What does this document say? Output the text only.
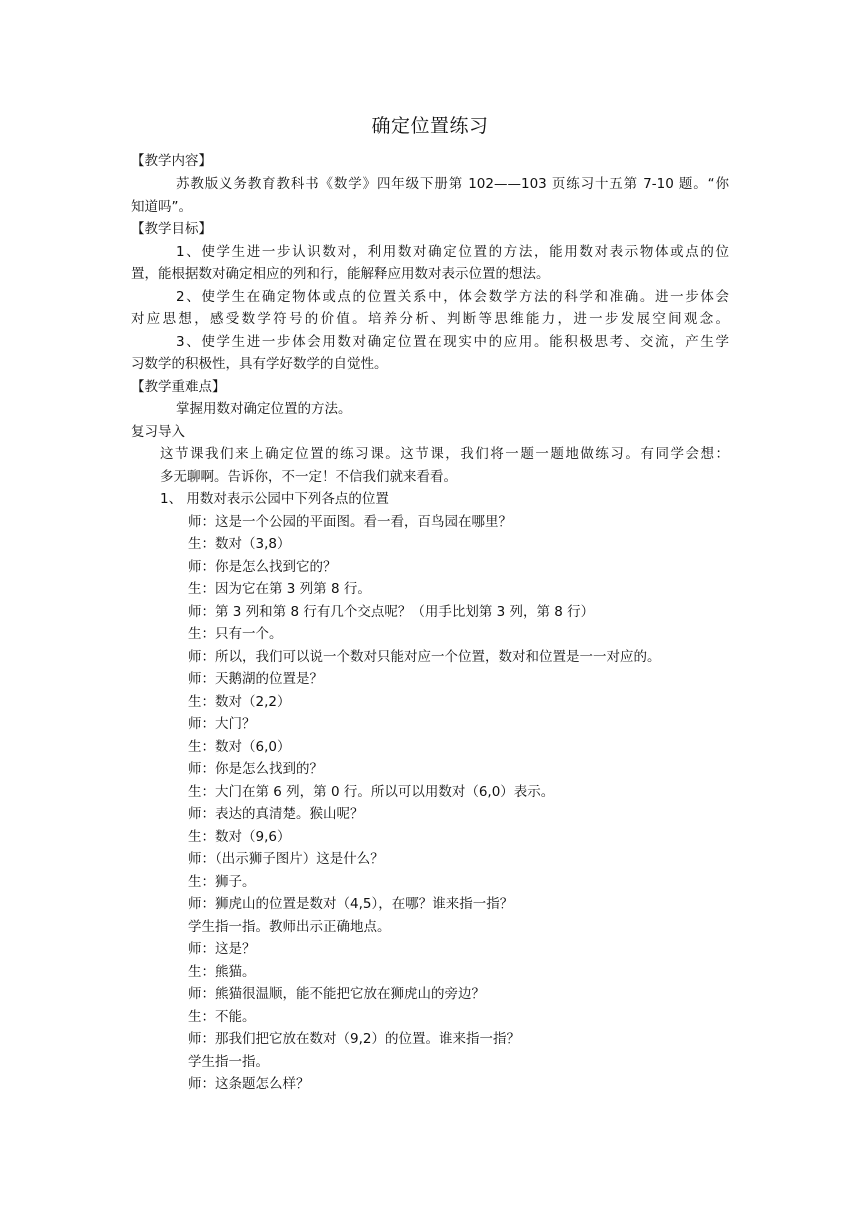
确定位置练习
【教学内容】
苏教版义务教育教科书《数学》四年级下册第 102——103 页练习十五第 7-10 题。“你
知道吗”。
【教学目标】
1、使学生进一步认识数对，利用数对确定位置的方法，能用数对表示物体或点的位
置，能根据数对确定相应的列和行，能解释应用数对表示位置的想法。
2、使学生在确定物体或点的位置关系中，体会数学方法的科学和准确。进一步体会
对应思想，感受数学符号的价值。培养分析、判断等思维能力，进一步发展空间观念。
3、使学生进一步体会用数对确定位置在现实中的应用。能积极思考、交流，产生学
习数学的积极性，具有学好数学的自觉性。
【教学重难点】
掌握用数对确定位置的方法。
复习导入
这节课我们来上确定位置的练习课。这节课，我们将一题一题地做练习。有同学会想：
多无聊啊。告诉你，不一定！不信我们就来看看。
1、 用数对表示公园中下列各点的位置
师：这是一个公园的平面图。看一看，百鸟园在哪里？
生：数对（3,8）
师：你是怎么找到它的？
生：因为它在第 3 列第 8 行。
师：第 3 列和第 8 行有几个交点呢？（用手比划第 3 列，第 8 行）
生：只有一个。
师：所以，我们可以说一个数对只能对应一个位置，数对和位置是一一对应的。
师：天鹅湖的位置是？
生：数对（2,2）
师：大门？
生：数对（6,0）
师：你是怎么找到的？
生：大门在第 6 列，第 0 行。所以可以用数对（6,0）表示。
师：表达的真清楚。猴山呢？
生：数对（9,6）
师：（出示狮子图片）这是什么？
生：狮子。
师：狮虎山的位置是数对（4,5），在哪？谁来指一指？
学生指一指。教师出示正确地点。
师：这是？
生：熊猫。
师：熊猫很温顺，能不能把它放在狮虎山的旁边？
生：不能。
师：那我们把它放在数对（9,2）的位置。谁来指一指？
学生指一指。
师：这条题怎么样？
